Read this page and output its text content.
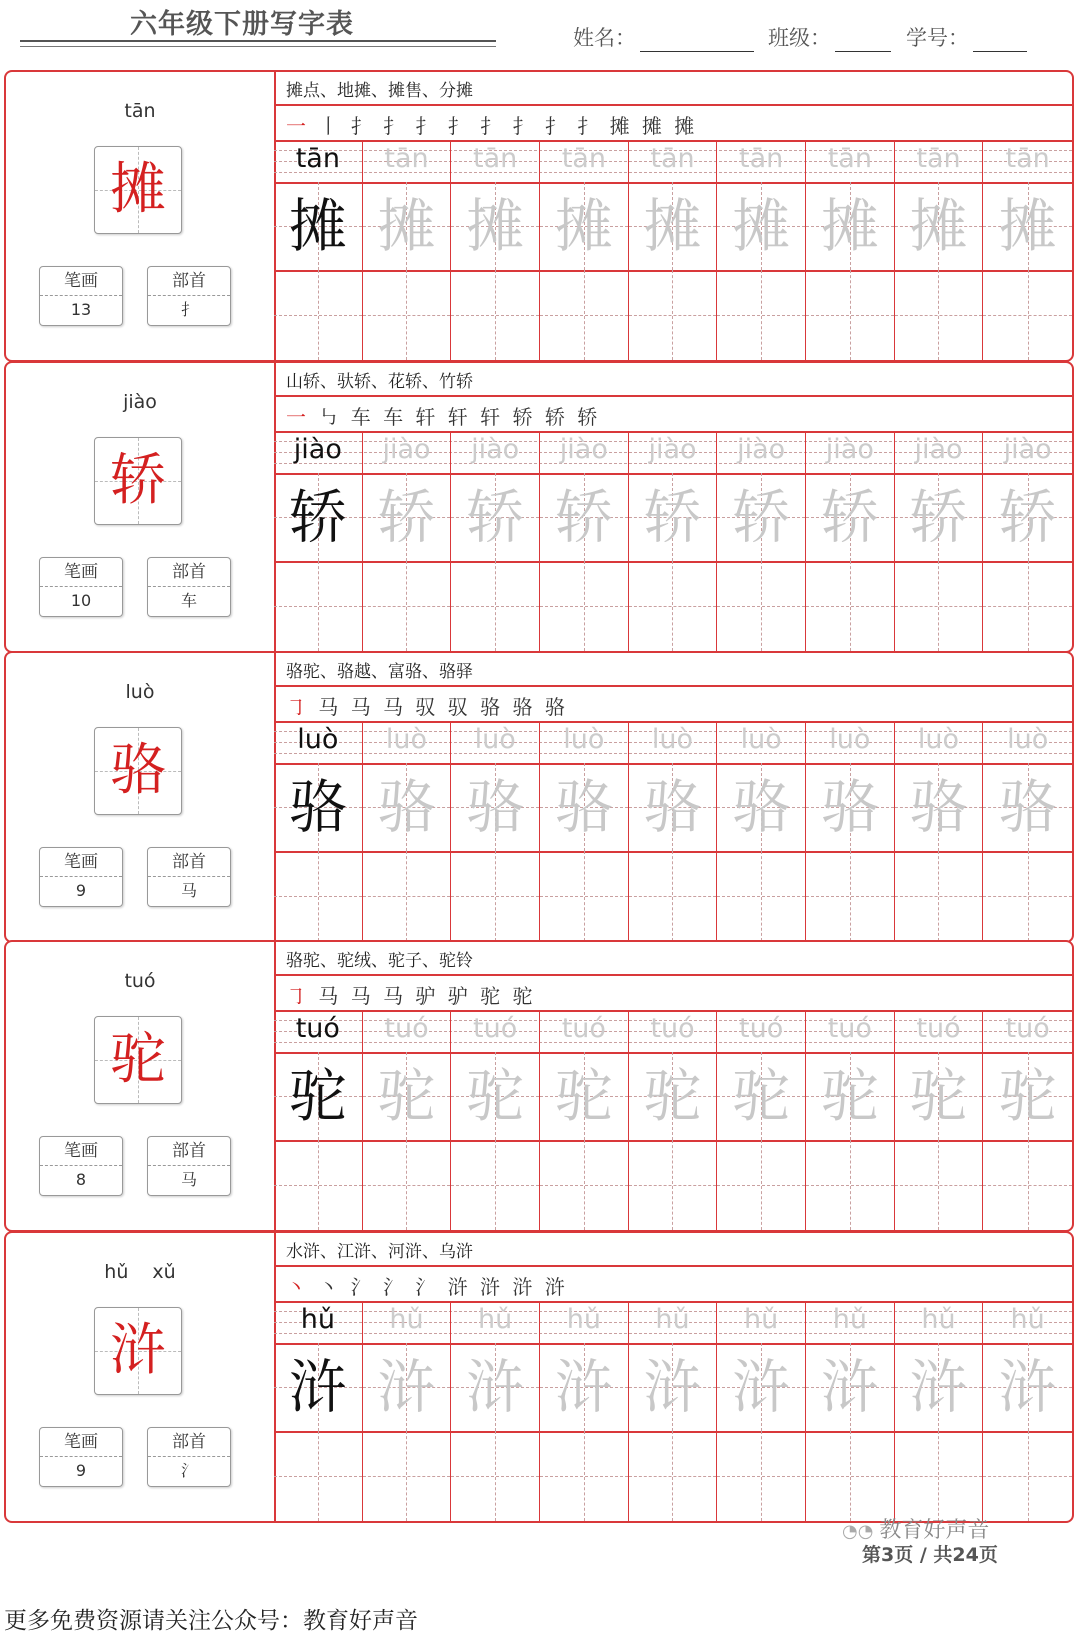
六年级下册写字表	姓名：	班级：	学号：
tān
摊
笔画
13
部首
扌
摊点、地摊、摊售、分摊
一 丨 扌 扌 扌 扌 扌 扌 扌 扌 摊 摊 摊
tān	tān	tān	tān	tān	tān	tān	tān	tān
摊 摊 摊 摊 摊 摊 摊 摊 摊
jiào
轿
笔画
10
部首
车
山轿、驮轿、花轿、竹轿
一 ㇉ 车 车 轩 轩 轩 轿 轿 轿
jiào	jiào	jiào	jiào	jiào	jiào	jiào	jiào	jiào
轿 轿 轿 轿 轿 轿 轿 轿 轿
luò
骆
笔画
9
部首
马
骆驼、骆越、富骆、骆驿
㇆ 马 马 马 驭 驭 骆 骆 骆
luò	luò	luò	luò	luò	luò	luò	luò	luò
骆 骆 骆 骆 骆 骆 骆 骆 骆
tuó
驼
笔画
8
部首
马
骆驼、驼绒、驼子、驼铃
㇆ 马 马 马 驴 驴 驼 驼
tuó	tuó	tuó	tuó	tuó	tuó	tuó	tuó	tuó
驼 驼 驼 驼 驼 驼 驼 驼 驼
hǔ xǔ
浒
笔画
9
部首
氵
水浒、江浒、河浒、乌浒
丶 丶 氵 氵 氵 浒 浒 浒 浒
hǔ	hǔ	hǔ	hǔ	hǔ	hǔ	hǔ	hǔ	hǔ
浒 浒 浒 浒 浒 浒 浒 浒 浒
更多免费资源请关注公众号：教育好声音
◔◔ 教育好声音
第3页 / 共24页
